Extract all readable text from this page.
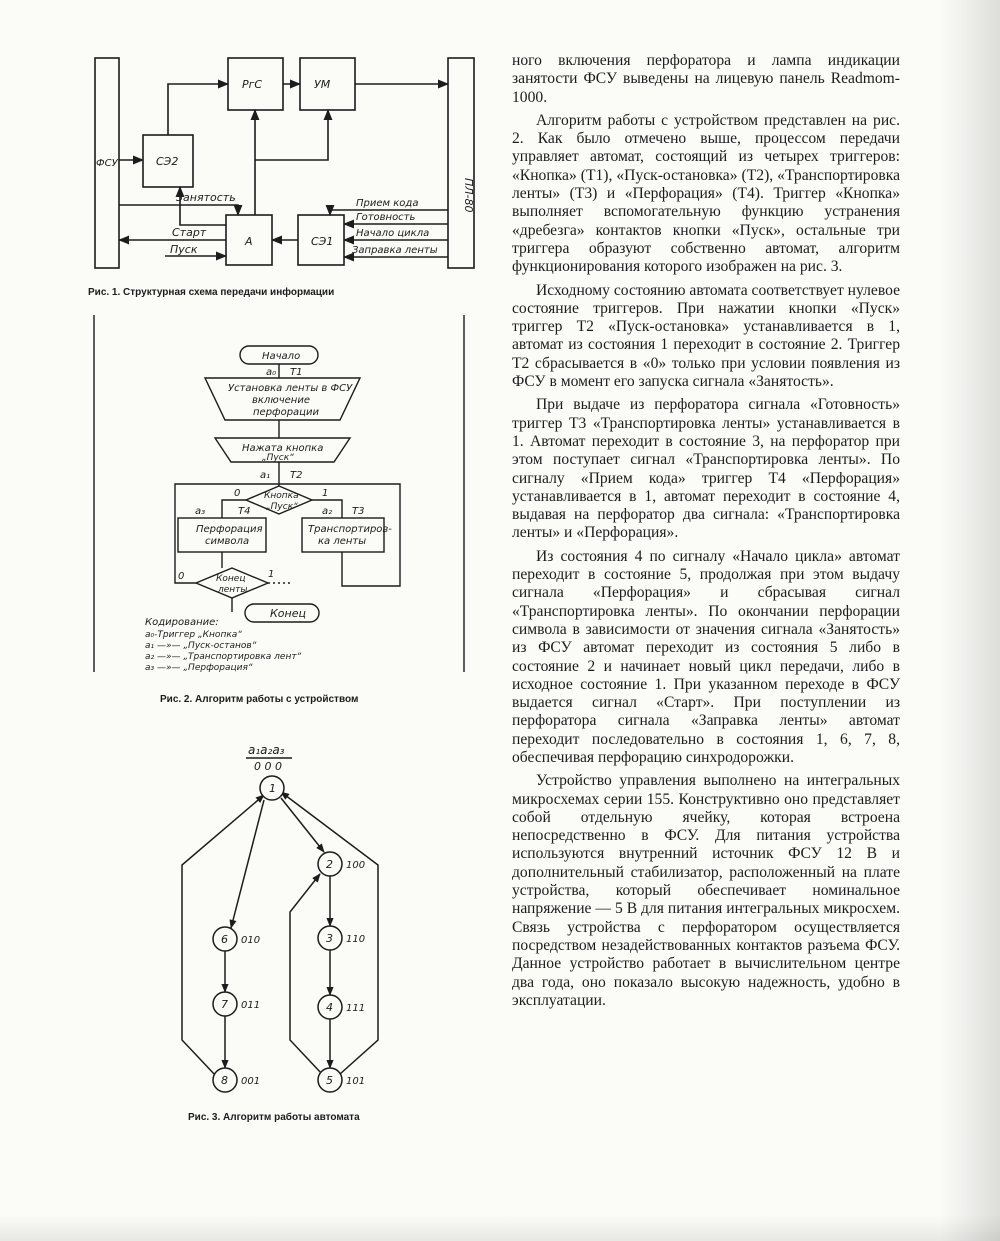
ФСУ
РгС	УМ
СЭ2
А	СЭ1
ПЛ-80
Занятость
Старт
Пуск
Прием кода
Готовность
Начало цикла
Заправка ленты
Рис. 1. Структурная схема передачи информации
Начало
a₀ Т1
Установка ленты в ФСУ
включение
перфорации
Нажата кнопка
„Пуск“
a₁ Т2
Кнопка
„Пуск“
0	1
a₃	Т4	a₂ Т3
Перфорация
символа
Транспортиров-
ка ленты
0	1
Конец
ленты
Конец
Кодирование:
a₀-Триггер „Кнопка“
a₁ —»— „Пуск-останов“
a₂ —»— „Транспортировка лент“
a₃ —»— „Перфорация“
Рис. 2. Алгоритм работы с устройством
a₁a₂a₃
0 0 0
1
2
3
4
5
6
7
8
100
110
111
101
010
011
001
Рис. 3. Алгоритм работы автомата

ного включения перфоратора и лампа индикации занятости ФСУ выведены на лицевую панель Readmom-1000.

Алгоритм работы с устройством представлен на рис. 2. Как было отмечено выше, процессом передачи управляет автомат, состоящий из четырех триггеров: «Кнопка» (Т1), «Пуск-остановка» (Т2), «Транспортировка ленты» (Т3) и «Перфорация» (Т4). Триггер «Кнопка» выполняет вспомогательную функцию устранения «дребезга» контактов кнопки «Пуск», остальные три триггера образуют собственно автомат, алгоритм функционирования которого изображен на рис. 3.

Исходному состоянию автомата соответствует нулевое состояние триггеров. При нажатии кнопки «Пуск» триггер Т2 «Пуск-остановка» устанавливается в 1, автомат из состояния 1 переходит в состояние 2. Триггер Т2 сбрасывается в «0» только при условии появления из ФСУ в момент его запуска сигнала «Занятость».

При выдаче из перфоратора сигнала «Готовность» триггер Т3 «Транспортировка ленты» устанавливается в 1. Автомат переходит в состояние 3, на перфоратор при этом поступает сигнал «Транспортировка ленты». По сигналу «Прием кода» триггер Т4 «Перфорация» устанавливается в 1, автомат переходит в состояние 4, выдавая на перфоратор два сигнала: «Транспортировка ленты» и «Перфорация».

Из состояния 4 по сигналу «Начало цикла» автомат переходит в состояние 5, продолжая при этом выдачу сигнала «Перфорация» и сбрасывая сигнал «Транспортировка ленты». По окончании перфорации символа в зависимости от значения сигнала «Занятость» из ФСУ автомат переходит из состояния 5 либо в состояние 2 и начинает новый цикл передачи, либо в исходное состояние 1. При указанном переходе в ФСУ выдается сигнал «Старт». При поступлении из перфоратора сигнала «Заправка ленты» автомат переходит последовательно в состояния 1, 6, 7, 8, обеспечивая перфорацию синхродорожки.

Устройство управления выполнено на интегральных микросхемах серии 155. Конструктивно оно представляет собой отдельную ячейку, которая встроена непосредственно в ФСУ. Для питания устройства используются внутренний источник ФСУ 12 В и дополнительный стабилизатор, расположенный на плате устройства, который обеспечивает номинальное напряжение — 5 В для питания интегральных микросхем. Связь устройства с перфоратором осуществляется посредством незадействованных контактов разъема ФСУ. Данное устройство работает в вычислительном центре два года, оно показало высокую надежность, удобно в эксплуатации.
